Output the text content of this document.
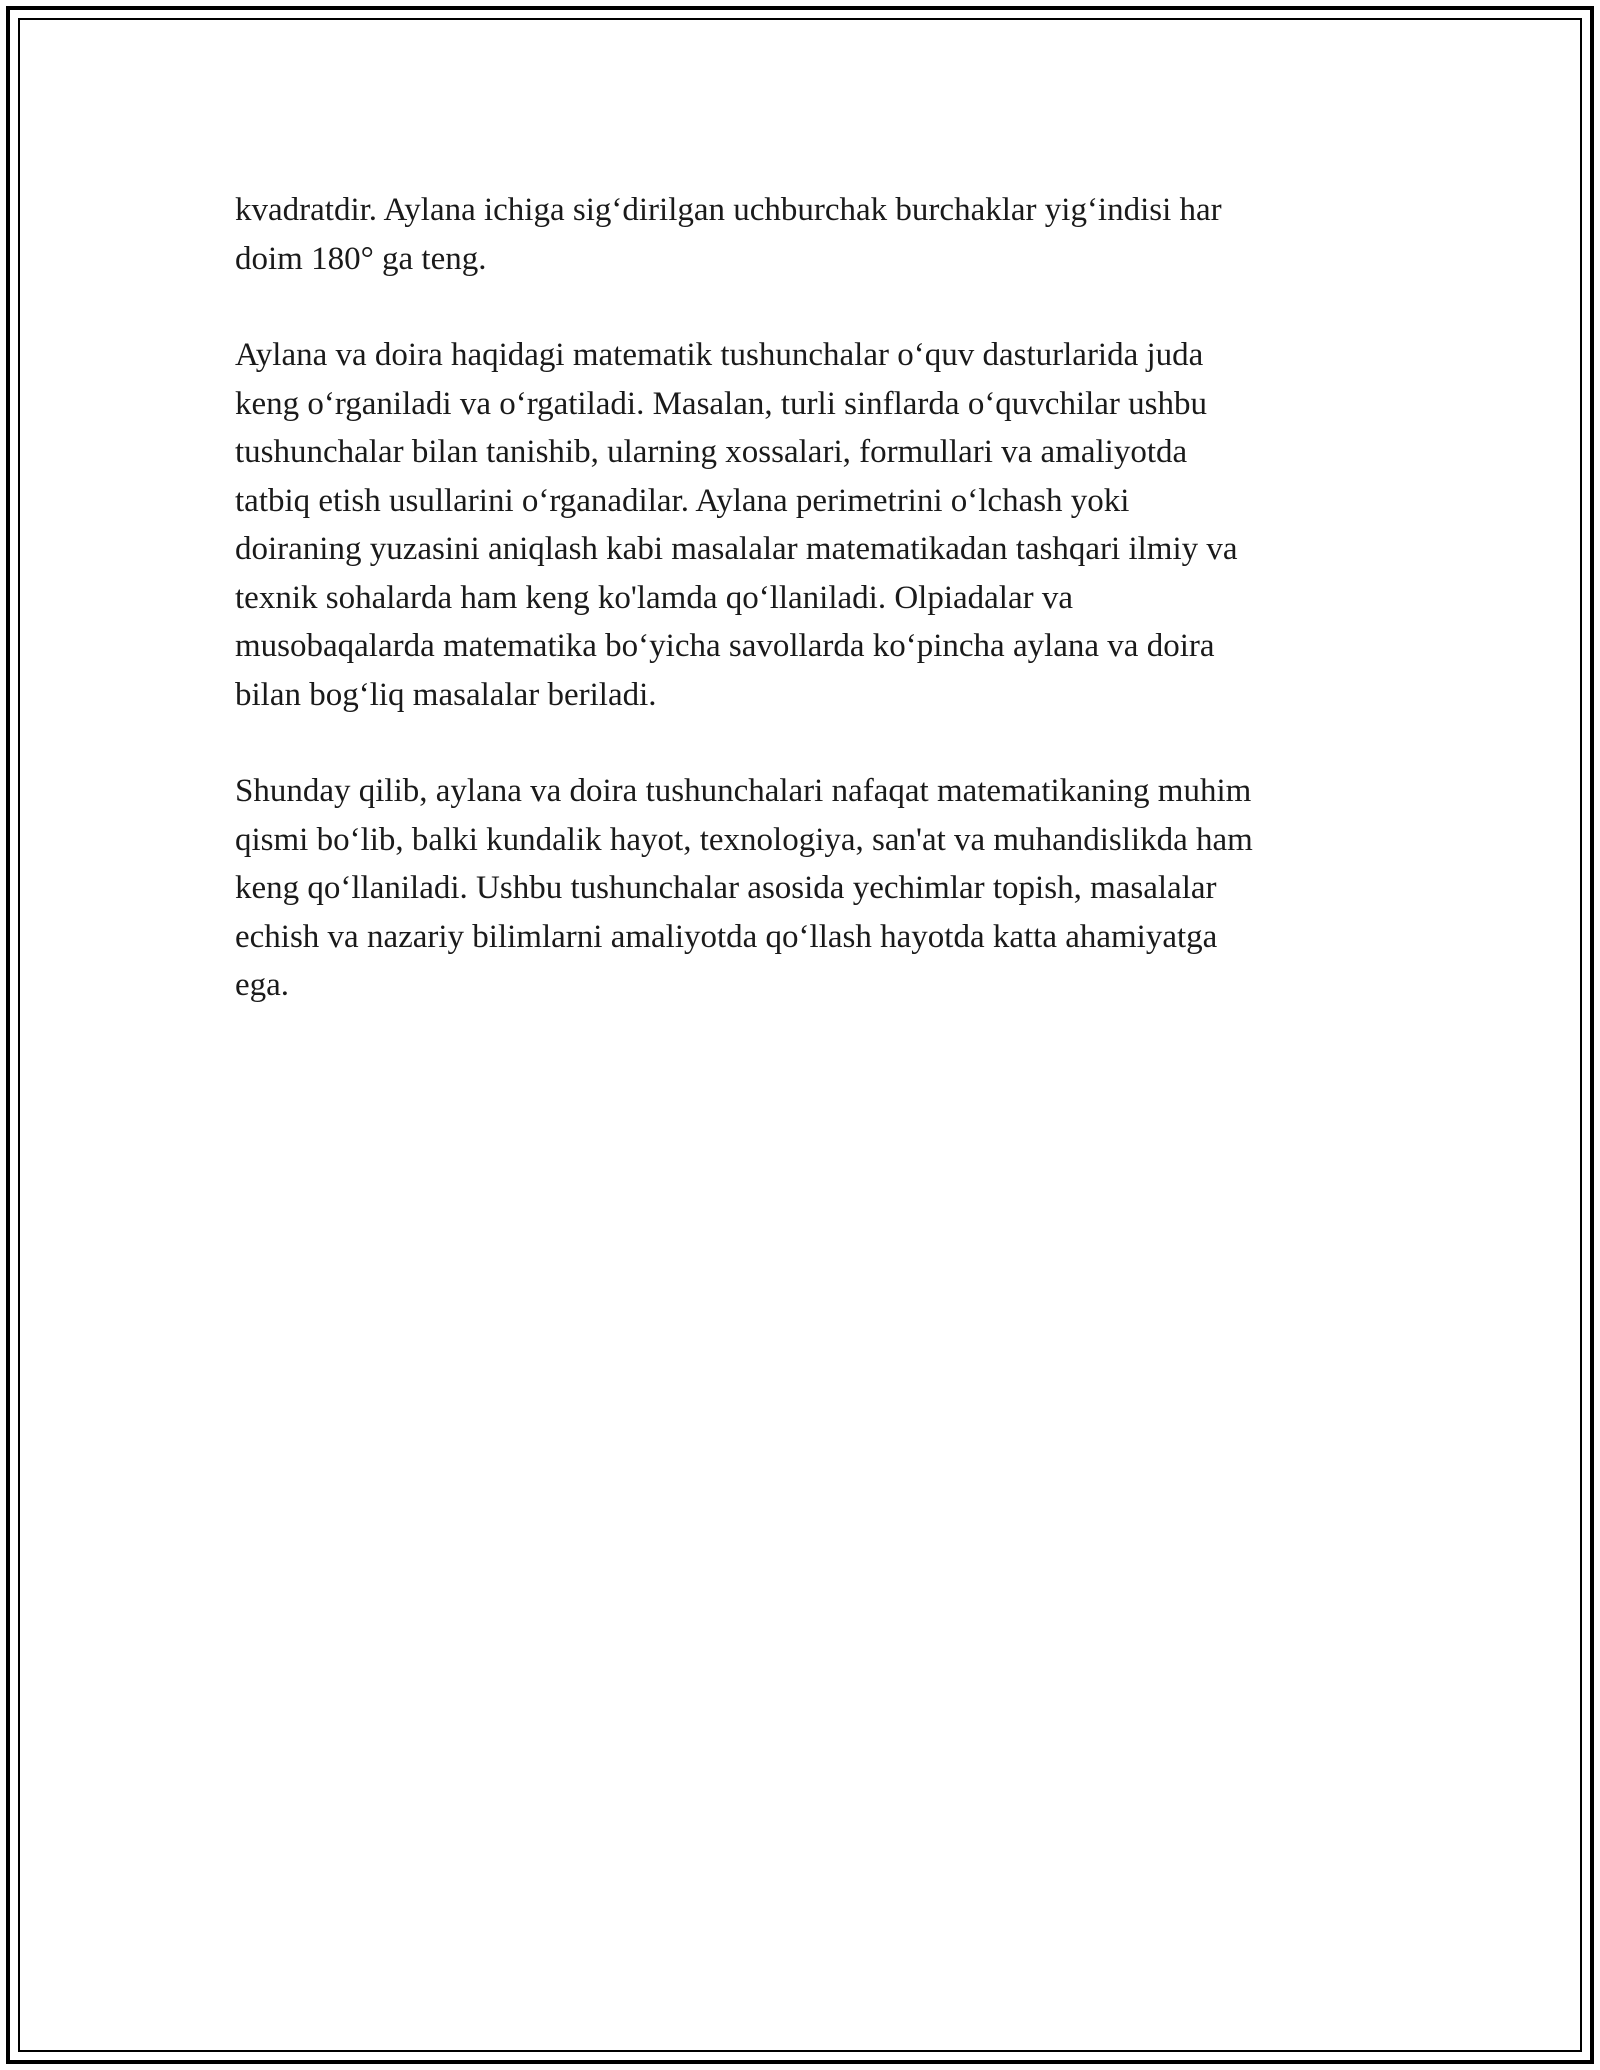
kvadratdir. Aylana ichiga sig‘dirilgan uchburchak burchaklar yig‘indisi har
doim 180° ga teng.

Aylana va doira haqidagi matematik tushunchalar o‘quv dasturlarida juda
keng o‘rganiladi va o‘rgatiladi. Masalan, turli sinflarda o‘quvchilar ushbu
tushunchalar bilan tanishib, ularning xossalari, formullari va amaliyotda
tatbiq etish usullarini o‘rganadilar. Aylana perimetrini o‘lchash yoki
doiraning yuzasini aniqlash kabi masalalar matematikadan tashqari ilmiy va
texnik sohalarda ham keng ko'lamda qo‘llaniladi. Olpiadalar va
musobaqalarda matematika bo‘yicha savollarda ko‘pincha aylana va doira
bilan bog‘liq masalalar beriladi.

Shunday qilib, aylana va doira tushunchalari nafaqat matematikaning muhim
qismi bo‘lib, balki kundalik hayot, texnologiya, san'at va muhandislikda ham
keng qo‘llaniladi. Ushbu tushunchalar asosida yechimlar topish, masalalar
echish va nazariy bilimlarni amaliyotda qo‘llash hayotda katta ahamiyatga
ega.
